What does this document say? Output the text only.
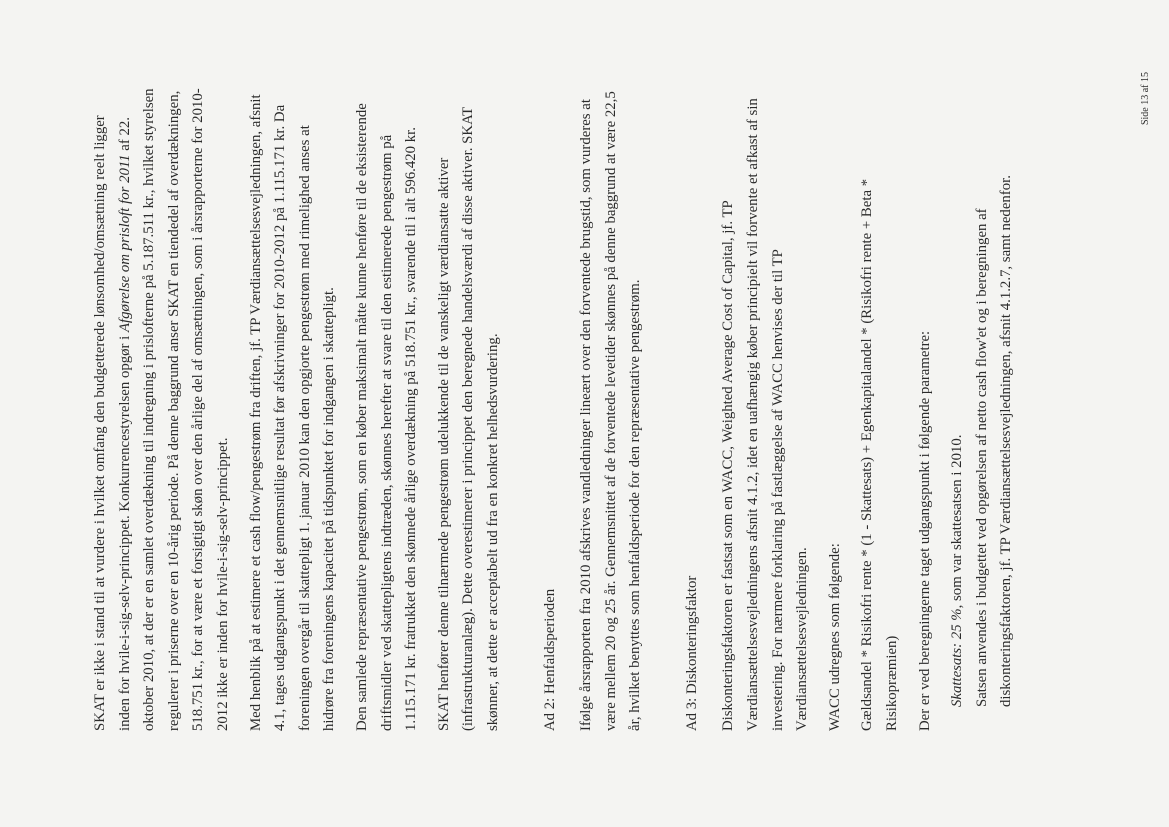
SKAT er ikke i stand til at vurdere i hvilket omfang den budgetterede lønsomhed/omsætning reelt ligger inden for hvile-i-sig-selv-princippet. Konkurrencestyrelsen opgør i Afgørelse om prisloft for 2011 af 22. oktober 2010, at der er en samlet overdækning til indregning i prislofterne på 5.187.511 kr., hvilket styrelsen regulerer i priserne over en 10-årig periode. På denne baggrund anser SKAT en tiendedel af overdækningen, 518.751 kr., for at være et forsigtigt skøn over den årlige del af omsætningen, som i årsrapporterne for 2010-2012 ikke er inden for hvile-i-sig-selv-princippet.	Med henblik på at estimere et cash flow/pengestrøm fra driften, jf. TP Værdiansættelsesvejledningen, afsnit 4.1, tages udgangspunkt i det gennemsnitlige resultat før afskrivninger for 2010-2012 på 1.115.171 kr. Da foreningen overgår til skattepligt 1. januar 2010 kan den opgjorte pengestrøm med rimelighed anses at hidrøre fra foreningens kapacitet på tidspunktet for indgangen i skattepligt.	Den samlede repræsentative pengestrøm, som en køber maksimalt måtte kunne henføre til de eksisterende driftsmidler ved skattepligtens indtræden, skønnes herefter at svare til den estimerede pengestrøm på 1.115.171 kr. fratrukket den skønnede årlige overdækning på 518.751 kr., svarende til i alt 596.420 kr.	SKAT henfører denne tilnærmede pengestrøm udelukkende til de vanskeligt værdiansatte aktiver (infrastrukturanlæg). Dette overestimerer i princippet den beregnede handelsværdi af disse aktiver. SKAT skønner, at dette er acceptabelt ud fra en konkret helhedsvurdering.	Ad 2: Henfaldsperioden	Ifølge årsrapporten fra 2010 afskrives vandledninger lineært over den forventede brugstid, som vurderes at være mellem 20 og 25 år. Gennemsnittet af de forventede levetider skønnes på denne baggrund at være 22,5 år, hvilket benyttes som henfaldsperiode for den repræsentative pengestrøm.	Ad 3: Diskonteringsfaktor	Diskonteringsfaktoren er fastsat som en WACC, Weighted Average Cost of Capital, jf. TP Værdiansættelsesvejledningens afsnit 4.1.2, idet en uafhængig køber principielt vil forvente et afkast af sin investering. For nærmere forklaring på fastlæggelse af WACC henvises der til TP Værdiansættelsesvejledningen.	WACC udregnes som følgende:	Gældsandel * Risikofri rente * (1 - Skattesats) + Egenkapitalandel * (Risikofri rente + Beta * Risikopræmien)	Der er ved beregningerne taget udgangspunkt i følgende parametre:	Skattesats: 25 %, som var skattesatsen i 2010. Satsen anvendes i budgettet ved opgørelsen af netto cash flow'et og i beregningen af diskonteringsfaktoren, jf. TP Værdiansættelsesvejledningen, afsnit 4.1.2.7, samt nedenfor.
Side 13 af 15
